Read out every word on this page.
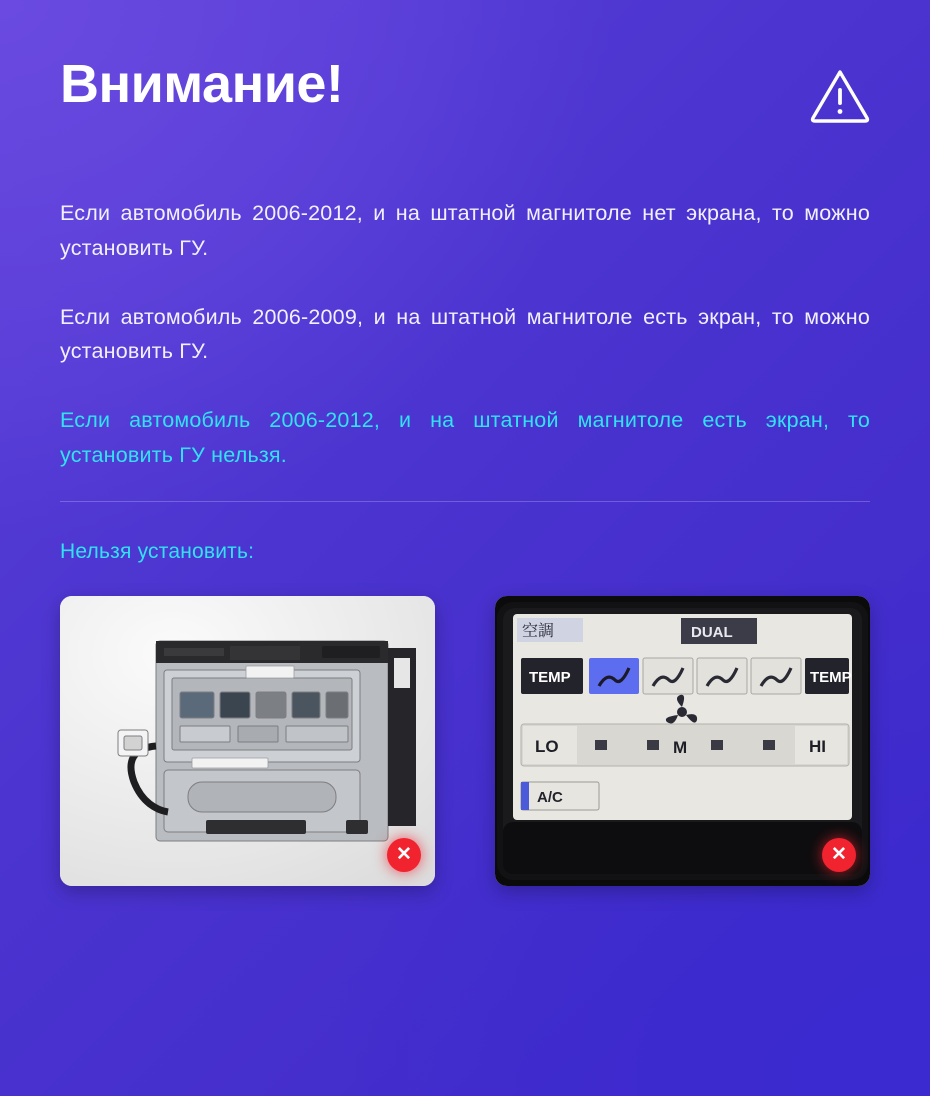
Внимание!

Если автомобиль 2006-2012, и на штатной магнитоле нет экрана, то можно установить ГУ.

Если автомобиль 2006-2009, и на штатной магнитоле есть экран, то можно установить ГУ.

Если автомобиль 2006-2012, и на штатной магнитоле есть экран, то установить ГУ нельзя.

Нельзя установить:
✕
空調	DUAL
TEMP	TEMP
LO	M	HI
A/C
✕
